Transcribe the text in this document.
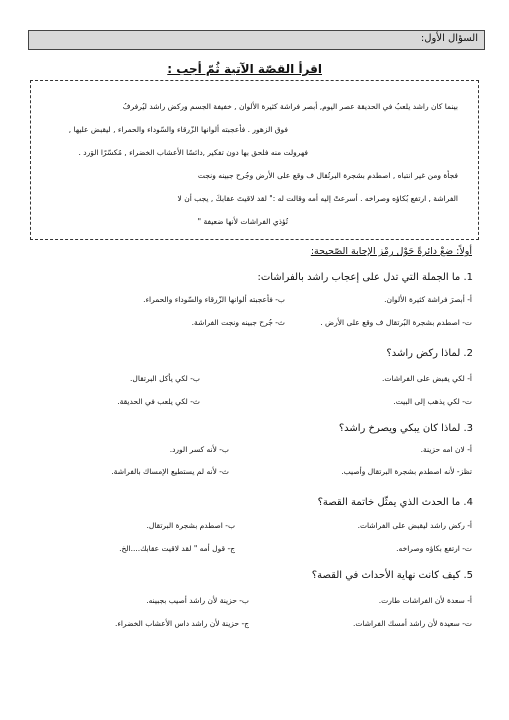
السؤال الأول:
اقرأ القصّة الآتية ثُمّ أجب :
بينما كان راشد يلعبُ في الحديقة عصر اليوم, أبصر فراشة كثيرة الألوان , خفيفة الجسم وركض راشد ليُرفرفُ
فوق الزهور . فأعجبته ألوانها الزّرقاء والسّوداء والحمراء , ليقبض عليها ,
فهرولت منه فلحق بها دون تفكير ,دائسًا الأعشاب الخضراء , مُكسّرًا الوَرد .
فجأة ومن غير انتباه , اصطدم بشجرة البرتُقال ف وقع على الأرض وجُرح جبينه ونجت
الفراشة , ارتفع بُكاؤه وصراخه . أسرعتْ إليه أمه وقالت له :" لقد لاقيتَ عقابكَ , يجب أن لا
تُؤذي الفراشات لأنها ضعيفة "
أولاً: ضعْ دائرةً حَوْل رمْز الإجابة الصّحيحة:
1. ما الجملة التي تدل على إعجاب راشد بالفراشات:
أ- أبصرَ فراشة كثيرة الألوان.
ب- فأعجبته ألوانها الزّرقاء والسّوداء والحمراء.
ت- اصطدم بشجرة البُرتقال ف وقع على الأرض .
ث- جُرح جبينه ونجت الفراشة.
2. لماذا ركض راشد؟
أ- لكي يقبض على الفراشات.
ب- لكي يأكل البرتقال.
ت- لكي يذهب إلى البيت.
ث- لكي يلعب في الحديقة.
3. لماذا كان يبكي ويصرخ راشد؟
أ- لان امه حزينة.
ب- لأنه كسر الورد.
تظز- لأنه اصطدم بشجرة البرتقال وأصيب.
ث- لأنه لم يستطيع الإمساك بالفراشة.
4. ما الحدث الذي يمثّل خاتمة القصة؟
أ- ركض راشد ليقبض على الفراشات.
ب- اصطدم بشجرة البرتقال.
ت- ارتفع بكاؤه وصراخه.
ج- قول أمه " لقد لاقيت عقابك....الخ.
5. كيف كانت نهاية الأحداث في القصة؟
أ- سعدة لأن الفراشات طارت.
ب- حزينة لأن راشد أصيب بجبينه.
ت- سعيدة لأن راشد أمسك الفراشات.
ج- حزينة لأن راشد داس الأعشاب الخضراء.
